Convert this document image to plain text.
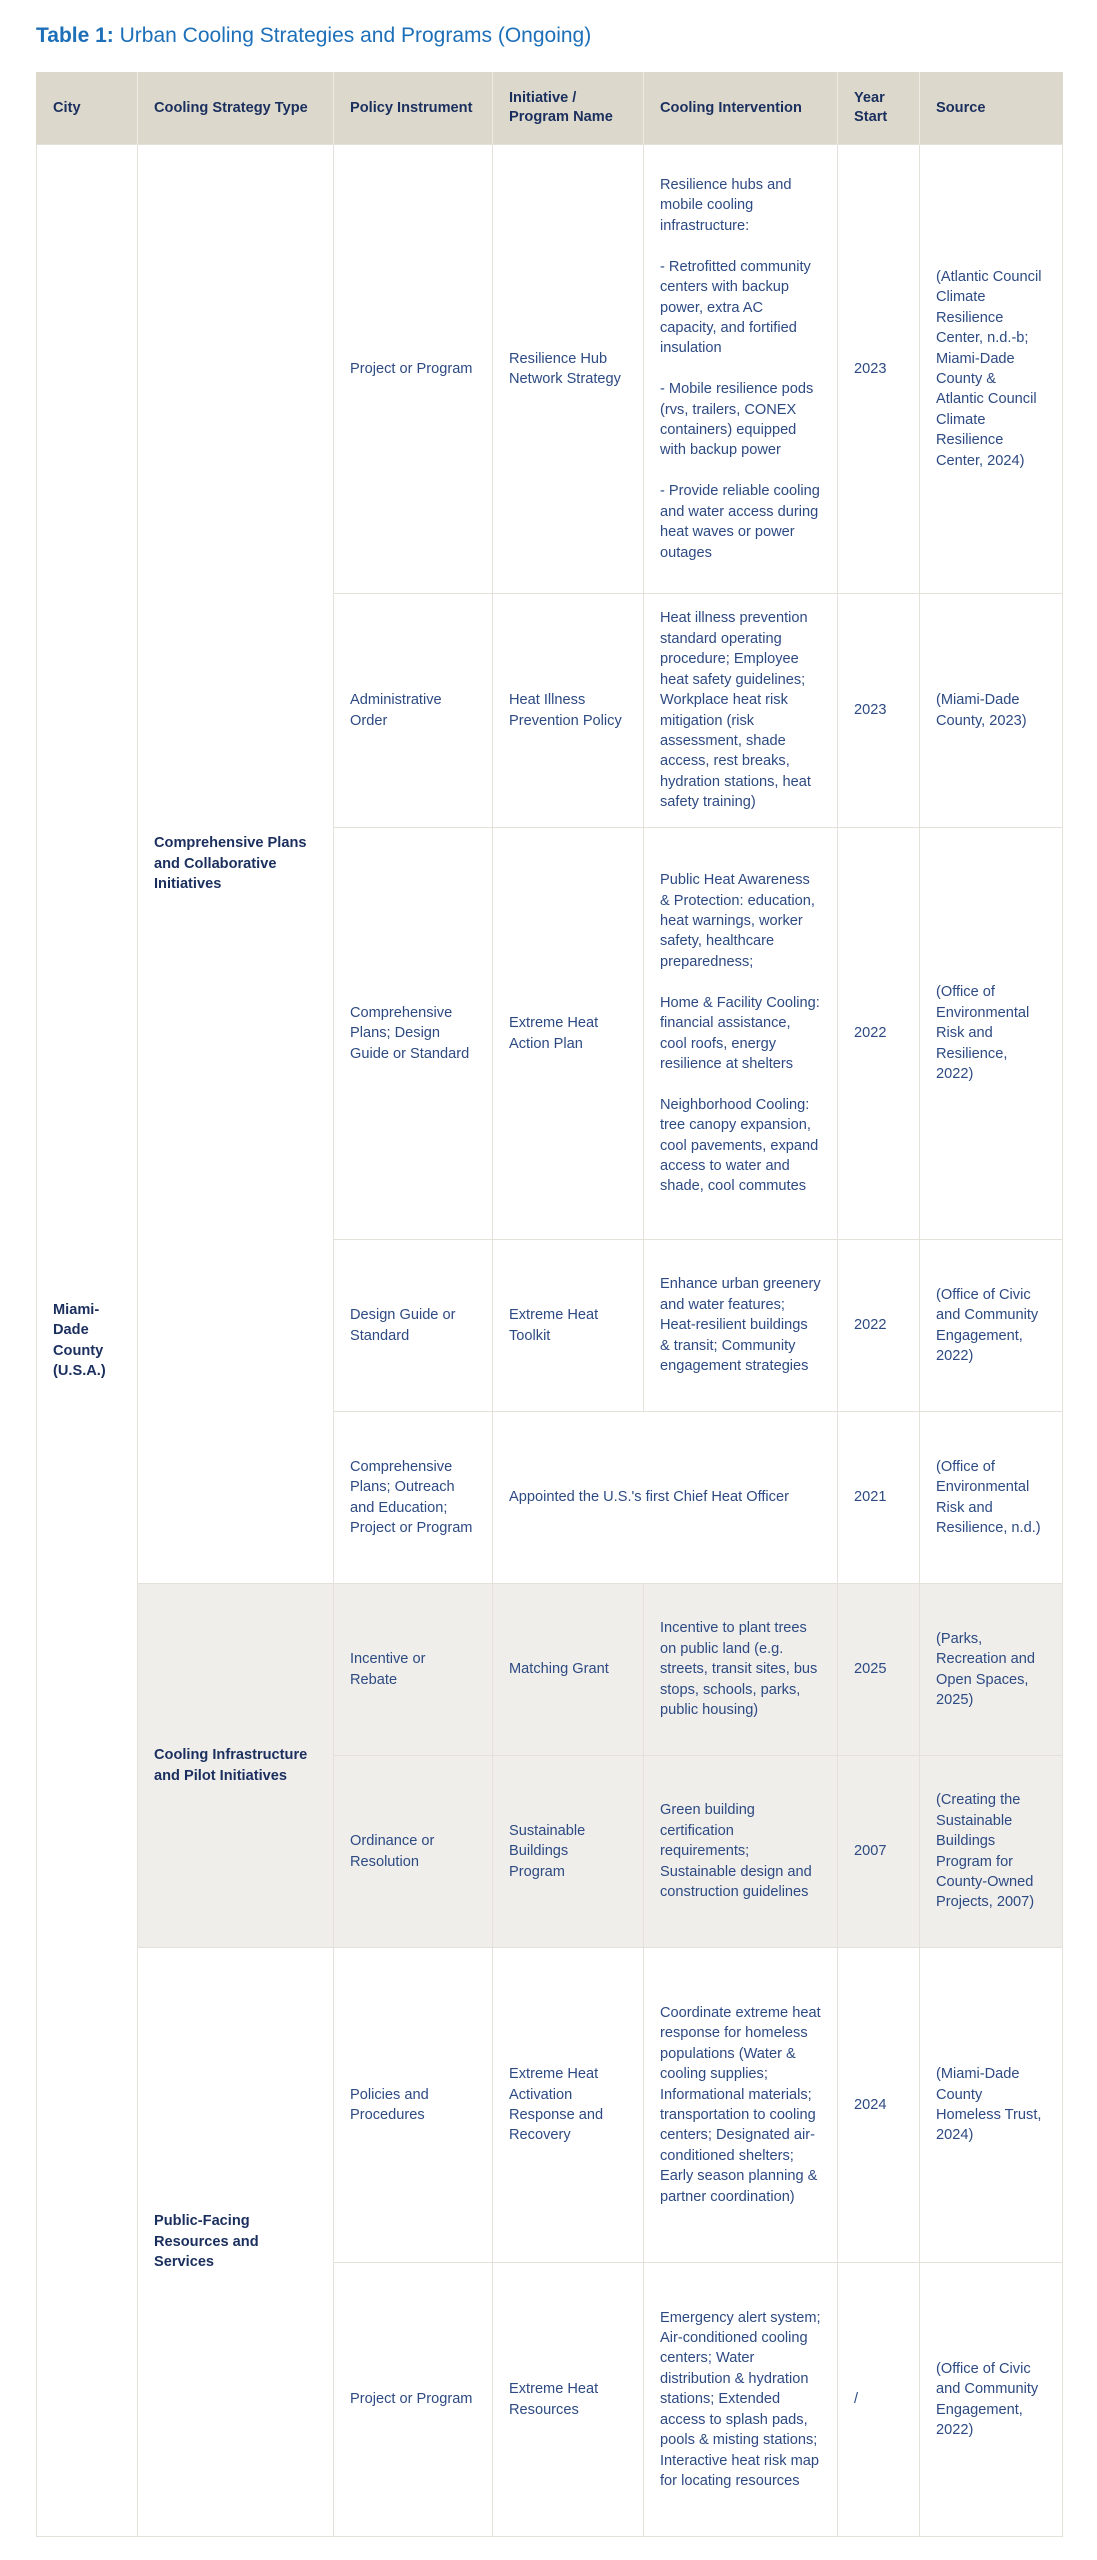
Table 1: Urban Cooling Strategies and Programs (Ongoing)
City	Cooling Strategy Type	Policy Instrument	Initiative / Program Name	Cooling Intervention	Year Start	Source
Miami-Dade County (U.S.A.)	Comprehensive Plans and Collaborative Initiatives	Project or Program	Resilience Hub Network Strategy	Resilience hubs and mobile cooling infrastructure:

- Retrofitted community centers with backup power, extra AC capacity, and fortified insulation

- Mobile resilience pods (rvs, trailers, CONEX containers) equipped with backup power

- Provide reliable cooling and water access during heat waves or power outages	2023	(Atlantic Council Climate Resilience Center, n.d.-b; Miami-Dade County & Atlantic Council Climate Resilience Center, 2024)
		Administrative Order	Heat Illness Prevention Policy	Heat illness prevention standard operating procedure; Employee heat safety guidelines; Workplace heat risk mitigation (risk assessment, shade access, rest breaks, hydration stations, heat safety training)	2023	(Miami-Dade County, 2023)
		Comprehensive Plans; Design Guide or Standard	Extreme Heat Action Plan	Public Heat Awareness & Protection: education, heat warnings, worker safety, healthcare preparedness;

Home & Facility Cooling: financial assistance, cool roofs, energy resilience at shelters

Neighborhood Cooling: tree canopy expansion, cool pavements, expand access to water and shade, cool commutes	2022	(Office of Environmental Risk and Resilience, 2022)
		Design Guide or Standard	Extreme Heat Toolkit	Enhance urban greenery and water features; Heat-resilient buildings & transit; Community engagement strategies	2022	(Office of Civic and Community Engagement, 2022)
		Comprehensive Plans; Outreach and Education; Project or Program	Appointed the U.S.'s first Chief Heat Officer		2021	(Office of Environmental Risk and Resilience, n.d.)
	Cooling Infrastructure and Pilot Initiatives	Incentive or Rebate	Matching Grant	Incentive to plant trees on public land (e.g. streets, transit sites, bus stops, schools, parks, public housing)	2025	(Parks, Recreation and Open Spaces, 2025)
		Ordinance or Resolution	Sustainable Buildings Program	Green building certification requirements; Sustainable design and construction guidelines	2007	(Creating the Sustainable Buildings Program for County-Owned Projects, 2007)
	Public-Facing Resources and Services	Policies and Procedures	Extreme Heat Activation Response and Recovery	Coordinate extreme heat response for homeless populations (Water & cooling supplies; Informational materials; transportation to cooling centers; Designated air-conditioned shelters; Early season planning & partner coordination)	2024	(Miami-Dade County Homeless Trust, 2024)
		Project or Program	Extreme Heat Resources	Emergency alert system; Air-conditioned cooling centers; Water distribution & hydration stations; Extended access to splash pads, pools & misting stations; Interactive heat risk map for locating resources	/	(Office of Civic and Community Engagement, 2022)
